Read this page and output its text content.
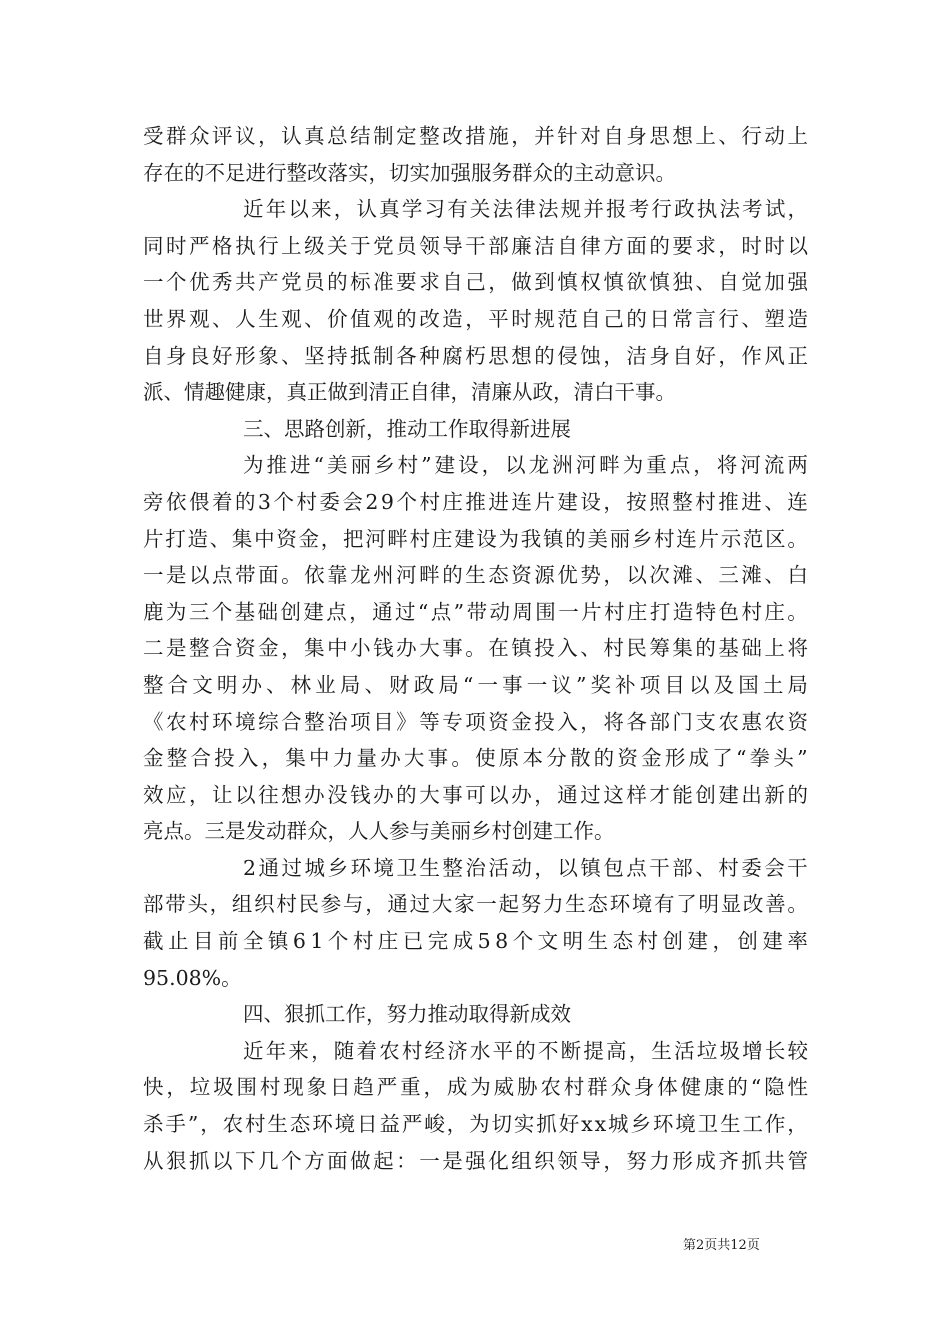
受 群 众 评 议 ， 认 真 总 结 制 定 整 改 措 施 ， 并 针 对 自 身 思 想 上 、 行 动 上
存在的不足进行整改落实，切实加强服务群众的主动意识。
近 年 以 来 ， 认 真 学 习 有 关 法 律 法 规 并 报 考 行 政 执 法 考 试 ，
同 时 严 格 执 行 上 级 关 于 党 员 领 导 干 部 廉 洁 自 律 方 面 的 要 求 ， 时 时 以
一 个 优 秀 共 产 党 员 的 标 准 要 求 自 己 ， 做 到 慎 权 慎 欲 慎 独 、 自 觉 加 强
世 界 观 、 人 生 观 、 价 值 观 的 改 造 ， 平 时 规 范 自 己 的 日 常 言 行 、 塑 造
自 身 良 好 形 象 、 坚 持 抵 制 各 种 腐 朽 思 想 的 侵 蚀 ， 洁 身 自 好 ， 作 风 正
派、情趣健康，真正做到清正自律，清廉从政，清白干事。
三、思路创新，推动工作取得新进展
为 推 进 “ 美 丽 乡 村 ” 建 设 ， 以 龙 洲 河 畔 为 重 点 ， 将 河 流 两
旁 依 偎 着 的 3 个 村 委 会 2 9 个 村 庄 推 进 连 片 建 设 ， 按 照 整 村 推 进 、 连
片 打 造 、 集 中 资 金 ， 把 河 畔 村 庄 建 设 为 我 镇 的 美 丽 乡 村 连 片 示 范 区 。
一 是 以 点 带 面 。 依 靠 龙 州 河 畔 的 生 态 资 源 优 势 ， 以 次 滩 、 三 滩 、 白
鹿 为 三 个 基 础 创 建 点 ， 通 过 “ 点 ” 带 动 周 围 一 片 村 庄 打 造 特 色 村 庄 。
二 是 整 合 资 金 ， 集 中 小 钱 办 大 事 。 在 镇 投 入 、 村 民 筹 集 的 基 础 上 将
整 合 文 明 办 、 林 业 局 、 财 政 局 “ 一 事 一 议 ” 奖 补 项 目 以 及 国 土 局
《 农 村 环 境 综 合 整 治 项 目 》 等 专 项 资 金 投 入 ， 将 各 部 门 支 农 惠 农 资
金 整 合 投 入 ， 集 中 力 量 办 大 事 。 使 原 本 分 散 的 资 金 形 成 了 “ 拳 头 ”
效 应 ， 让 以 往 想 办 没 钱 办 的 大 事 可 以 办 ， 通 过 这 样 才 能 创 建 出 新 的
亮点。三是发动群众，人人参与美丽乡村创建工作。
2 通 过 城 乡 环 境 卫 生 整 治 活 动 ， 以 镇 包 点 干 部 、 村 委 会 干
部 带 头 ， 组 织 村 民 参 与 ， 通 过 大 家 一 起 努 力 生 态 环 境 有 了 明 显 改 善 。
截 止 目 前 全 镇 6 1 个 村 庄 已 完 成 5 8 个 文 明 生 态 村 创 建 ， 创 建 率
95.08%。
四、狠抓工作，努力推动取得新成效
近 年 来 ， 随 着 农 村 经 济 水 平 的 不 断 提 高 ， 生 活 垃 圾 增 长 较
快 ， 垃 圾 围 村 现 象 日 趋 严 重 ， 成 为 威 胁 农 村 群 众 身 体 健 康 的 “ 隐 性
杀 手 ” ， 农 村 生 态 环 境 日 益 严 峻 ， 为 切 实 抓 好 x x 城 乡 环 境 卫 生 工 作 ，
从 狠 抓 以 下 几 个 方 面 做 起 ： 一 是 强 化 组 织 领 导 ， 努 力 形 成 齐 抓 共 管
第2页共12页
